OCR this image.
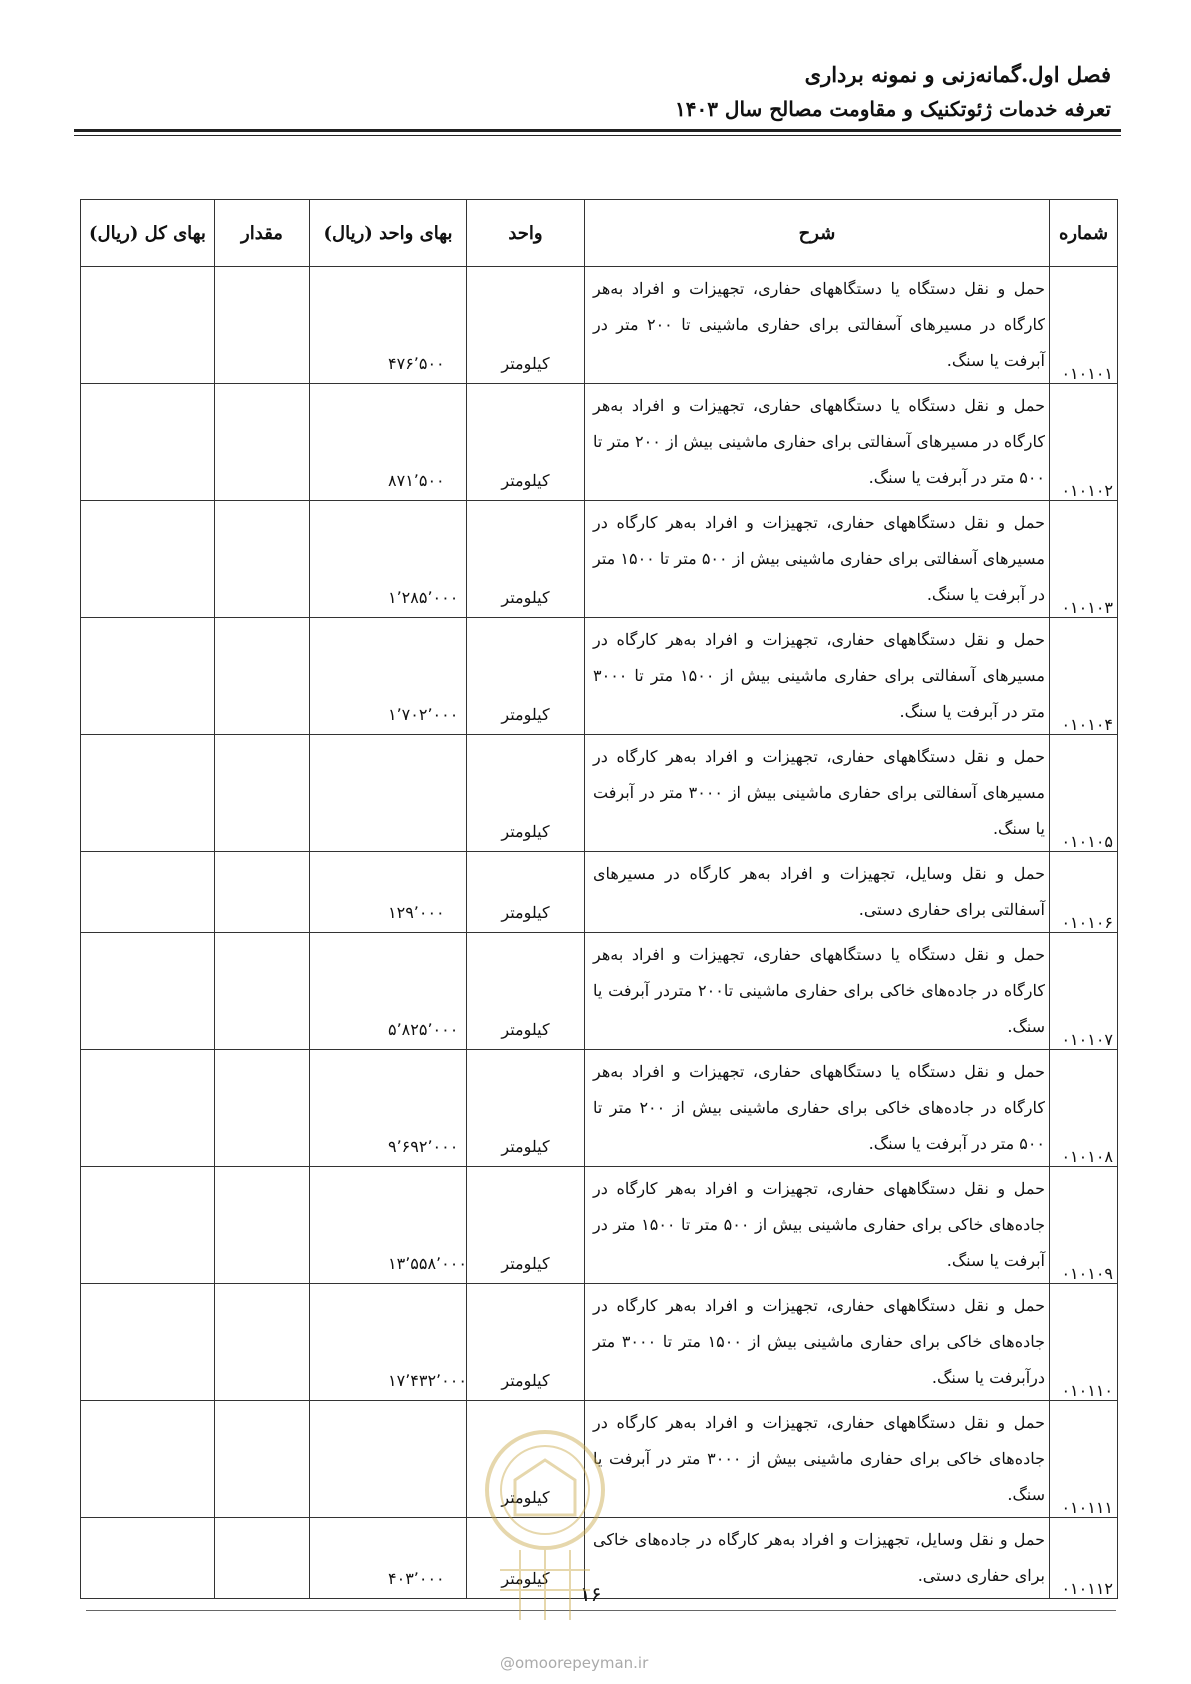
فصل اول.گمانه‌زنی و نمونه برداری
تعرفه خدمات ژئوتکنیک و مقاومت مصالح سال ۱۴۰۳
شماره	شرح	واحد	بهای واحد (ریال)	مقدار	بهای کل (ریال)
۰۱۰۱۰۱	حمل و نقل دستگاه یا دستگاههای حفاری، تجهیزات و افراد به‌هر کارگاه در مسیرهای آسفالتی برای حفاری ماشینی تا ۲۰۰ متر در آبرفت یا سنگ.	کیلومتر	۴۷۶٬۵۰۰		
۰۱۰۱۰۲	حمل و نقل دستگاه یا دستگاههای حفاری، تجهیزات و افراد به‌هر کارگاه در مسیرهای آسفالتی برای حفاری ماشینی بیش از ۲۰۰ متر تا ۵۰۰ متر در آبرفت یا سنگ.	کیلومتر	۸۷۱٬۵۰۰		
۰۱۰۱۰۳	حمل و نقل دستگاههای حفاری، تجهیزات و افراد به‌هر کارگاه در مسیرهای آسفالتی برای حفاری ماشینی بیش از ۵۰۰ متر تا ۱۵۰۰ متر در آبرفت یا سنگ.	کیلومتر	۱٬۲۸۵٬۰۰۰		
۰۱۰۱۰۴	حمل و نقل دستگاههای حفاری، تجهیزات و افراد به‌هر کارگاه در مسیرهای آسفالتی برای حفاری ماشینی بیش از ۱۵۰۰ متر تا ۳۰۰۰ متر در آبرفت یا سنگ.	کیلومتر	۱٬۷۰۲٬۰۰۰		
۰۱۰۱۰۵	حمل و نقل دستگاههای حفاری، تجهیزات و افراد به‌هر کارگاه در مسیرهای آسفالتی برای حفاری ماشینی بیش از ۳۰۰۰ متر در آبرفت یا سنگ.	کیلومتر			
۰۱۰۱۰۶	حمل و نقل وسایل، تجهیزات و افراد به‌هر کارگاه در مسیرهای آسفالتی برای حفاری دستی.	کیلومتر	۱۲۹٬۰۰۰		
۰۱۰۱۰۷	حمل و نقل دستگاه یا دستگاههای حفاری، تجهیزات و افراد به‌هر کارگاه در جاده‌های خاکی برای حفاری ماشینی تا۲۰۰ متردر آبرفت یا سنگ.	کیلومتر	۵٬۸۲۵٬۰۰۰		
۰۱۰۱۰۸	حمل و نقل دستگاه یا دستگاههای حفاری، تجهیزات و افراد به‌هر کارگاه در جاده‌های خاکی برای حفاری ماشینی بیش از ۲۰۰ متر تا ۵۰۰ متر در آبرفت یا سنگ.	کیلومتر	۹٬۶۹۲٬۰۰۰		
۰۱۰۱۰۹	حمل و نقل دستگاههای حفاری، تجهیزات و افراد به‌هر کارگاه در جاده‌های خاکی برای حفاری ماشینی بیش از ۵۰۰ متر تا ۱۵۰۰ متر در آبرفت یا سنگ.	کیلومتر	۱۳٬۵۵۸٬۰۰۰		
۰۱۰۱۱۰	حمل و نقل دستگاههای حفاری، تجهیزات و افراد به‌هر کارگاه در جاده‌های خاکی برای حفاری ماشینی بیش از ۱۵۰۰ متر تا ۳۰۰۰ متر درآبرفت یا سنگ.	کیلومتر	۱۷٬۴۳۲٬۰۰۰		
۰۱۰۱۱۱	حمل و نقل دستگاههای حفاری، تجهیزات و افراد به‌هر کارگاه در جاده‌های خاکی برای حفاری ماشینی بیش از ۳۰۰۰ متر در آبرفت یا سنگ.	کیلومتر			
۰۱۰۱۱۲	حمل و نقل وسایل، تجهیزات و افراد به‌هر کارگاه در جاده‌های خاکی برای حفاری دستی.	کیلومتر	۴۰۳٬۰۰۰		
۱۶
@omoorepeyman.ir
